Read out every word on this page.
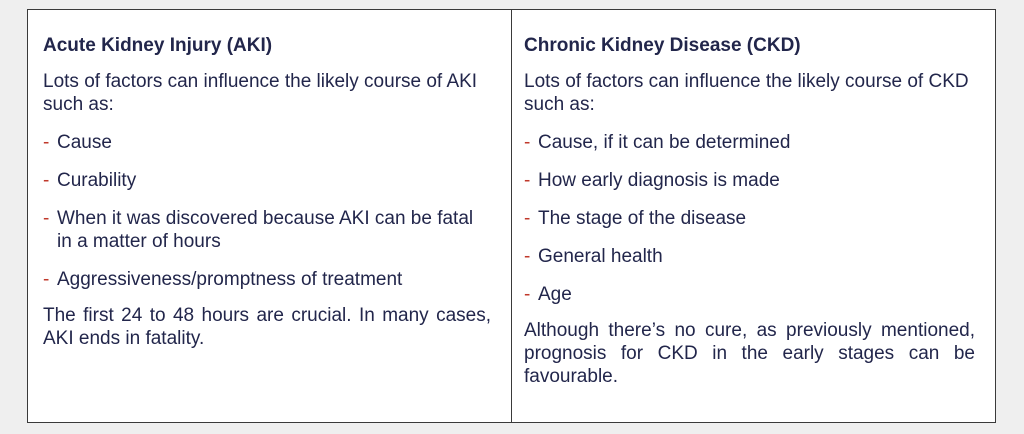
Acute Kidney Injury (AKI)
Lots of factors can influence the likely course of AKI such as:
- Cause
- Curability
- When it was discovered because AKI can be fatal in a matter of hours
- Aggressiveness/promptness of treatment

The first 24 to 48 hours are crucial. In many cases, AKI ends in fatality.

Chronic Kidney Disease (CKD)
Lots of factors can influence the likely course of CKD such as:
- Cause, if it can be determined
- How early diagnosis is made
- The stage of the disease
- General health
- Age

Although there’s no cure, as previously mentioned, prognosis for CKD in the early stages can be favourable.
